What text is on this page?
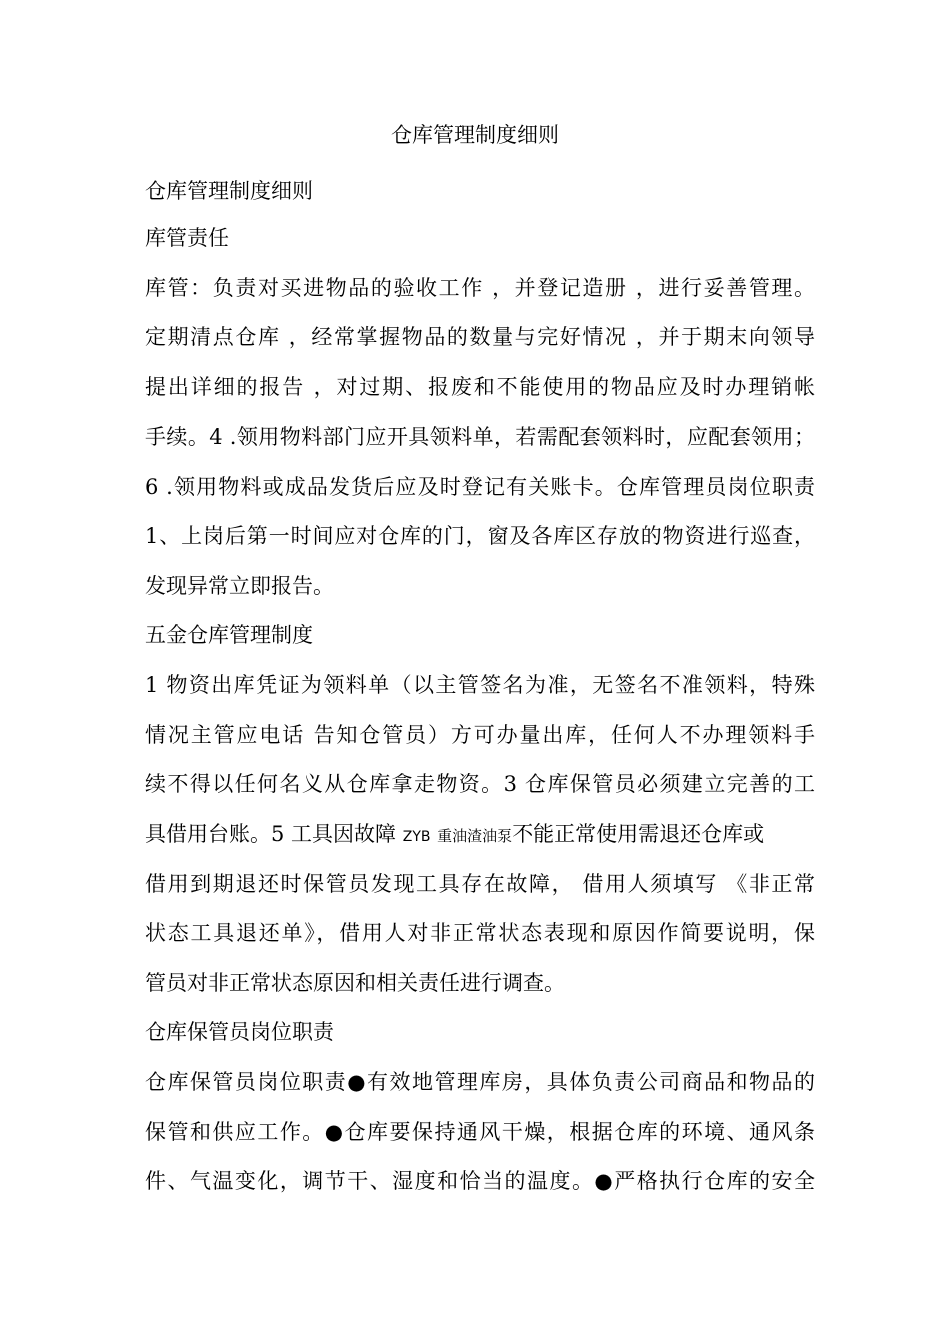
仓库管理制度细则
仓库管理制度细则
库管责任
库管：负责对买进物品的验收工作 ，并登记造册 ，进行妥善管理。
定期清点仓库 ，经常掌握物品的数量与完好情况 ，并于期末向领导
提出详细的报告 ，对过期、报废和不能使用的物品应及时办理销帐
手续。4 .领用物料部门应开具领料单，若需配套领料时，应配套领用；
6 .领用物料或成品发货后应及时登记有关账卡。仓库管理员岗位职责
1、上岗后第一时间应对仓库的门，窗及各库区存放的物资进行巡查，
发现异常立即报告。
五金仓库管理制度
1 物资出库凭证为领料单（以主管签名为准，无签名不准领料，特殊
情况主管应电话 告知仓管员）方可办量出库，任何人不办理领料手
续不得以任何名义从仓库拿走物资。3 仓库保管员必须建立完善的工
具借用台账。5 工具因故障 ZYB 重油渣油泵不能正常使用需退还仓库或
借用到期退还时保管员发现工具存在故障， 借用人须填写 《非正常
状态工具退还单》，借用人对非正常状态表现和原因作简要说明，保
管员对非正常状态原因和相关责任进行调查。
仓库保管员岗位职责
仓库保管员岗位职责●有效地管理库房，具体负责公司商品和物品的
保管和供应工作。●仓库要保持通风干燥，根据仓库的环境、通风条
件、气温变化，调节干、湿度和恰当的温度。●严格执行仓库的安全
